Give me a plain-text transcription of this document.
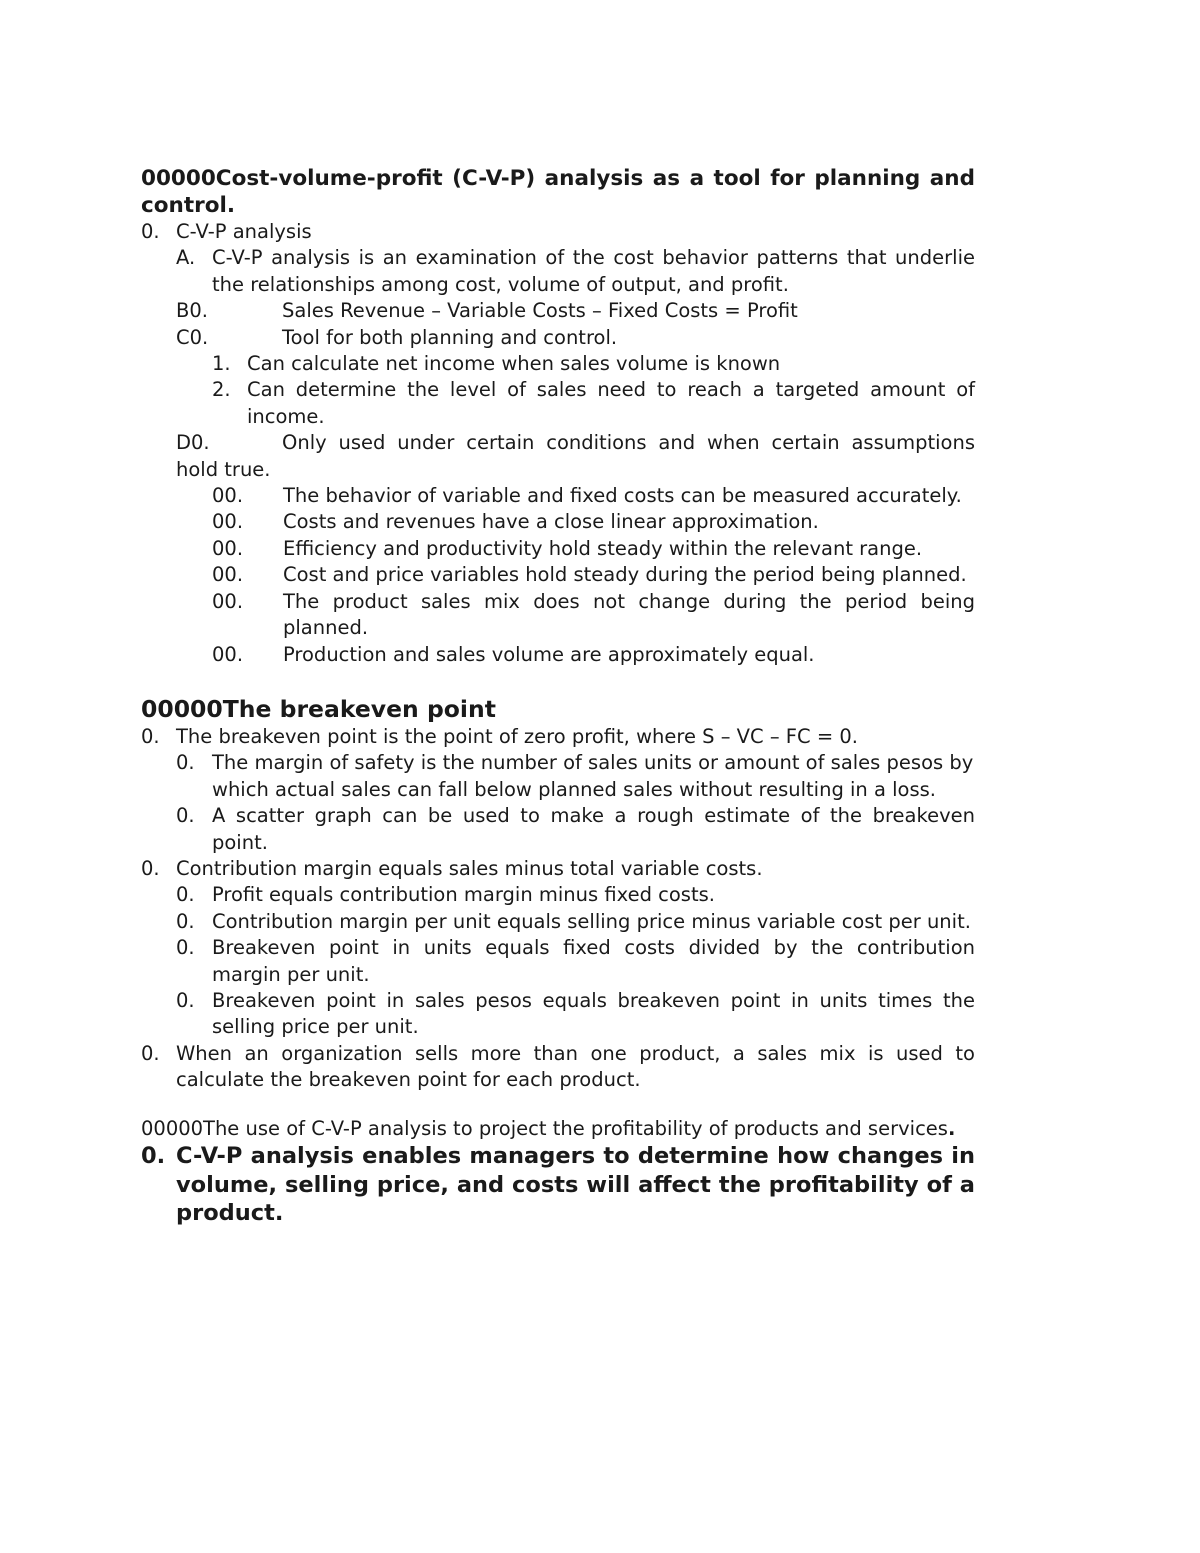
00000Cost-volume-profit (C-V-P) analysis as a tool for planning and control.

0. C-V-P analysis
A. C-V-P analysis is an examination of the cost behavior patterns that underlie the relationships among cost, volume of output, and profit.
B0.	Sales Revenue – Variable Costs – Fixed Costs = Profit
C0.	Tool for both planning and control.
1. Can calculate net income when sales volume is known
2. Can determine the level of sales need to reach a targeted amount of income.

D0.	Only used under certain conditions and when certain assumptions hold true.

00.	The behavior of variable and fixed costs can be measured accurately.
00.	Costs and revenues have a close linear approximation.
00.	Efficiency and productivity hold steady within the relevant range.
00.	Cost and price variables hold steady during the period being planned.
00.	The product sales mix does not change during the period being planned.
00.	Production and sales volume are approximately equal.

00000The breakeven point

0. The breakeven point is the point of zero profit, where S – VC – FC = 0.
0. The margin of safety is the number of sales units or amount of sales pesos by which actual sales can fall below planned sales without resulting in a loss.
0. A scatter graph can be used to make a rough estimate of the breakeven point.
0. Contribution margin equals sales minus total variable costs.
0. Profit equals contribution margin minus fixed costs.
0. Contribution margin per unit equals selling price minus variable cost per unit.
0. Breakeven point in units equals fixed costs divided by the contribution margin per unit.
0. Breakeven point in sales pesos equals breakeven point in units times the selling price per unit.
0. When an organization sells more than one product, a sales mix is used to calculate the breakeven point for each product.

00000The use of C-V-P analysis to project the profitability of products and services.

0. C-V-P analysis enables managers to determine how changes in volume, selling price, and costs will affect the profitability of a product.
